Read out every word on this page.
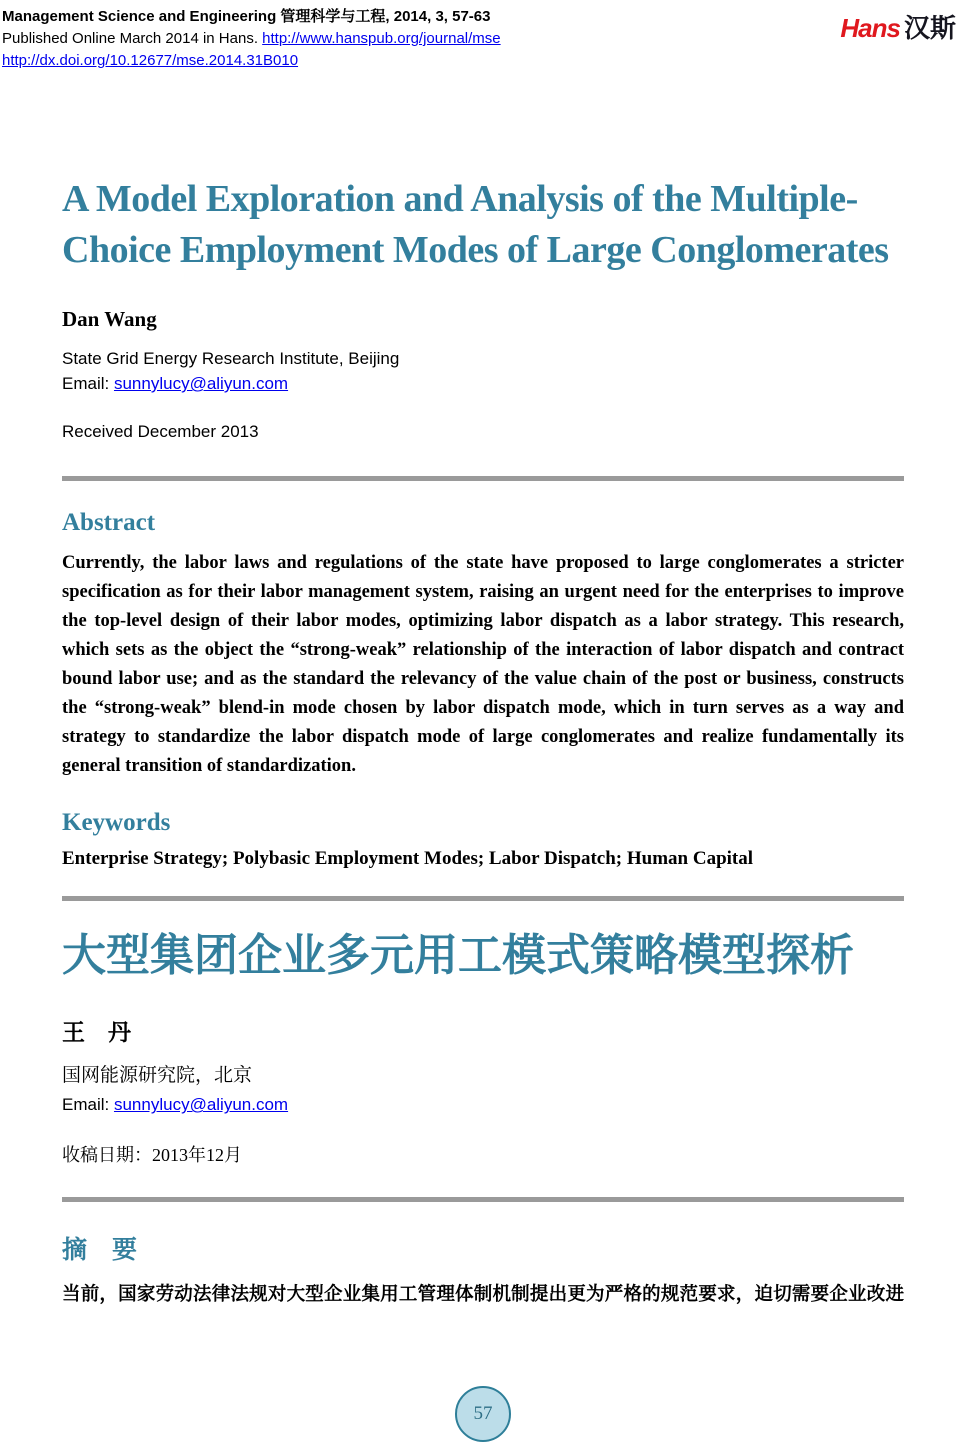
Management Science and Engineering 管理科学与工程, 2014, 3, 57-63
Published Online March 2014 in Hans. http://www.hanspub.org/journal/mse
http://dx.doi.org/10.12677/mse.2014.31B010
Hans 汉斯
A Model Exploration and Analysis of the Multiple-Choice Employment Modes of Large Conglomerates
Dan Wang
State Grid Energy Research Institute, Beijing
Email: sunnylucy@aliyun.com
Received December 2013
Abstract

Currently, the labor laws and regulations of the state have proposed to large conglomerates a stricter specification as for their labor management system, raising an urgent need for the enterprises to improve the top-level design of their labor modes, optimizing labor dispatch as a labor strategy. This research, which sets as the object the “strong-weak” relationship of the interaction of labor dispatch and contract bound labor use; and as the standard the relevancy of the value chain of the post or business, constructs the “strong-weak” blend-in mode chosen by labor dispatch mode, which in turn serves as a way and strategy to standardize the labor dispatch mode of large conglomerates and realize fundamentally its general transition of standardization.

Keywords
Enterprise Strategy; Polybasic Employment Modes; Labor Dispatch; Human Capital
大型集团企业多元用工模式策略模型探析
王　丹
国网能源研究院，北京
Email: sunnylucy@aliyun.com
收稿日期：2013年12月
摘　要

当前，国家劳动法律法规对大型企业集用工管理体制机制提出更为严格的规范要求，迫切需要企业改进

57
